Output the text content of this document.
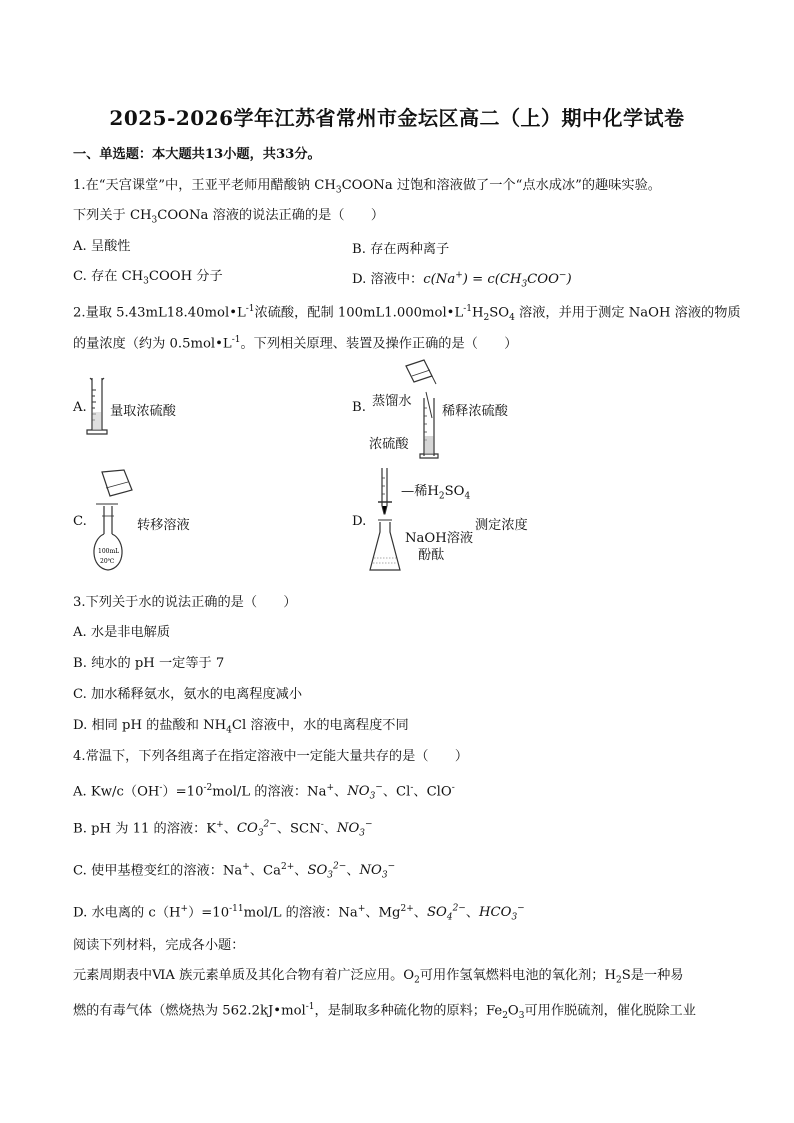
2025-2026学年江苏省常州市金坛区高二（上）期中化学试卷
一、单选题：本大题共13小题，共33分。
1.在“天宫课堂”中，王亚平老师用醋酸钠 $CH_3COONa$ 过饱和溶液做了一个“点水成冰”的趣味实验。
下列关于 $CH_3COONa$ 溶液的说法正确的是（　　）
A. 呈酸性	B. 存在两种离子
C. 存在 $CH_3COOH$ 分子	D. 溶液中：$c(Na^+) = c(CH_3COO^-)$
2.量取 $5.43mL18.40mol•L^{-1}$浓硫酸，配制 $100mL1.000mol•L^{-1}H_2SO_4$ 溶液，并用于测定 NaOH 溶液的物质
的量浓度（约为 $0.5mol•L^{-1}$。下列相关原理、装置及操作正确的是（　　）
A. 量取浓硫酸	B. 蒸馏水
浓硫酸
稀释浓硫酸
C.
100mL
20℃
转移溶液	D.
—稀$H_2SO_4$
NaOH溶液
酚酞
测定浓度
3.下列关于水的说法正确的是（　　）
A. 水是非电解质
B. 纯水的 pH 一定等于 7
C. 加水稀释氨水，氨水的电离程度减小
D. 相同 pH 的盐酸和 $NH_4Cl$ 溶液中，水的电离程度不同
4.常温下，下列各组离子在指定溶液中一定能大量共存的是（　　）
A. $Kw/c(OH^-)=10^{-2}mol/L$ 的溶液：Na+、$NO_3^-$、Cl-、ClO-
B. pH 为 11 的溶液：K+、$CO_3^{2-}$、SCN-、$NO_3^-$
C. 使甲基橙变红的溶液：Na+、$Ca^{2+}$、$SO_3^{2-}$、$NO_3^-$
D. 水电离的 $c(H^+)=10^{-11}mol/L$ 的溶液：Na+、$Mg^{2+}$、$SO_4^{2-}$、$HCO_3^-$
阅读下列材料，完成各小题：
元素周期表中ⅥA 族元素单质及其化合物有着广泛应用。$O_2$可用作氢氧燃料电池的氧化剂；$H_2S$是一种易
燃的有毒气体（燃烧热为 562.2kJ•mol$^{-1}$，是制取多种硫化物的原料；$Fe_2O_3$可用作脱硫剂，催化脱除工业
